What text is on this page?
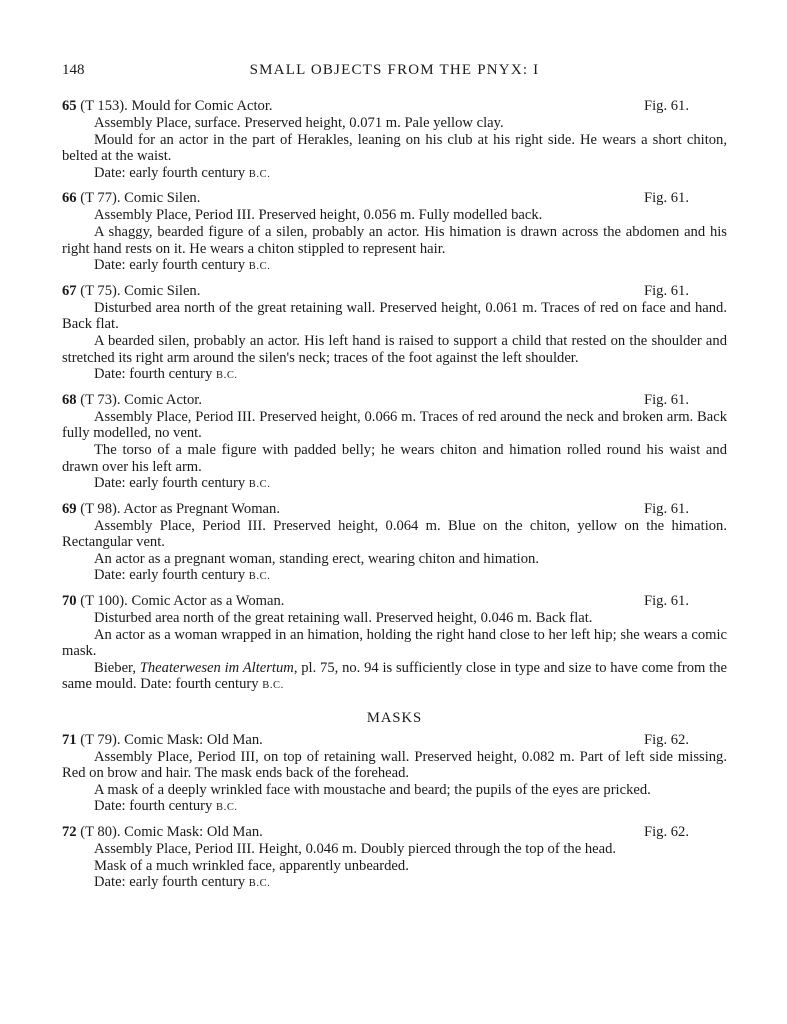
148	SMALL OBJECTS FROM THE PNYX: I
65 (T 153). Mould for Comic Actor.	Fig. 61.

Assembly Place, surface. Preserved height, 0.071 m. Pale yellow clay.

Mould for an actor in the part of Herakles, leaning on his club at his right side. He wears a short chiton, belted at the waist.

Date: early fourth century B.C.

66 (T 77). Comic Silen.	Fig. 61.

Assembly Place, Period III. Preserved height, 0.056 m. Fully modelled back.

A shaggy, bearded figure of a silen, probably an actor. His himation is drawn across the abdomen and his right hand rests on it. He wears a chiton stippled to represent hair.

Date: early fourth century B.C.

67 (T 75). Comic Silen.	Fig. 61.

Disturbed area north of the great retaining wall. Preserved height, 0.061 m. Traces of red on face and hand. Back flat.

A bearded silen, probably an actor. His left hand is raised to support a child that rested on the shoulder and stretched its right arm around the silen's neck; traces of the foot against the left shoulder.

Date: fourth century B.C.

68 (T 73). Comic Actor.	Fig. 61.

Assembly Place, Period III. Preserved height, 0.066 m. Traces of red around the neck and broken arm. Back fully modelled, no vent.

The torso of a male figure with padded belly; he wears chiton and himation rolled round his waist and drawn over his left arm.

Date: early fourth century B.C.

69 (T 98). Actor as Pregnant Woman.	Fig. 61.

Assembly Place, Period III. Preserved height, 0.064 m. Blue on the chiton, yellow on the himation. Rectangular vent.

An actor as a pregnant woman, standing erect, wearing chiton and himation.

Date: early fourth century B.C.

70 (T 100). Comic Actor as a Woman.	Fig. 61.

Disturbed area north of the great retaining wall. Preserved height, 0.046 m. Back flat.

An actor as a woman wrapped in an himation, holding the right hand close to her left hip; she wears a comic mask.

Bieber, Theaterwesen im Altertum, pl. 75, no. 94 is sufficiently close in type and size to have come from the same mould. Date: fourth century B.C.

MASKS
71 (T 79). Comic Mask: Old Man.	Fig. 62.

Assembly Place, Period III, on top of retaining wall. Preserved height, 0.082 m. Part of left side missing. Red on brow and hair. The mask ends back of the forehead.

A mask of a deeply wrinkled face with moustache and beard; the pupils of the eyes are pricked.

Date: fourth century B.C.

72 (T 80). Comic Mask: Old Man.	Fig. 62.

Assembly Place, Period III. Height, 0.046 m. Doubly pierced through the top of the head.

Mask of a much wrinkled face, apparently unbearded.

Date: early fourth century B.C.
